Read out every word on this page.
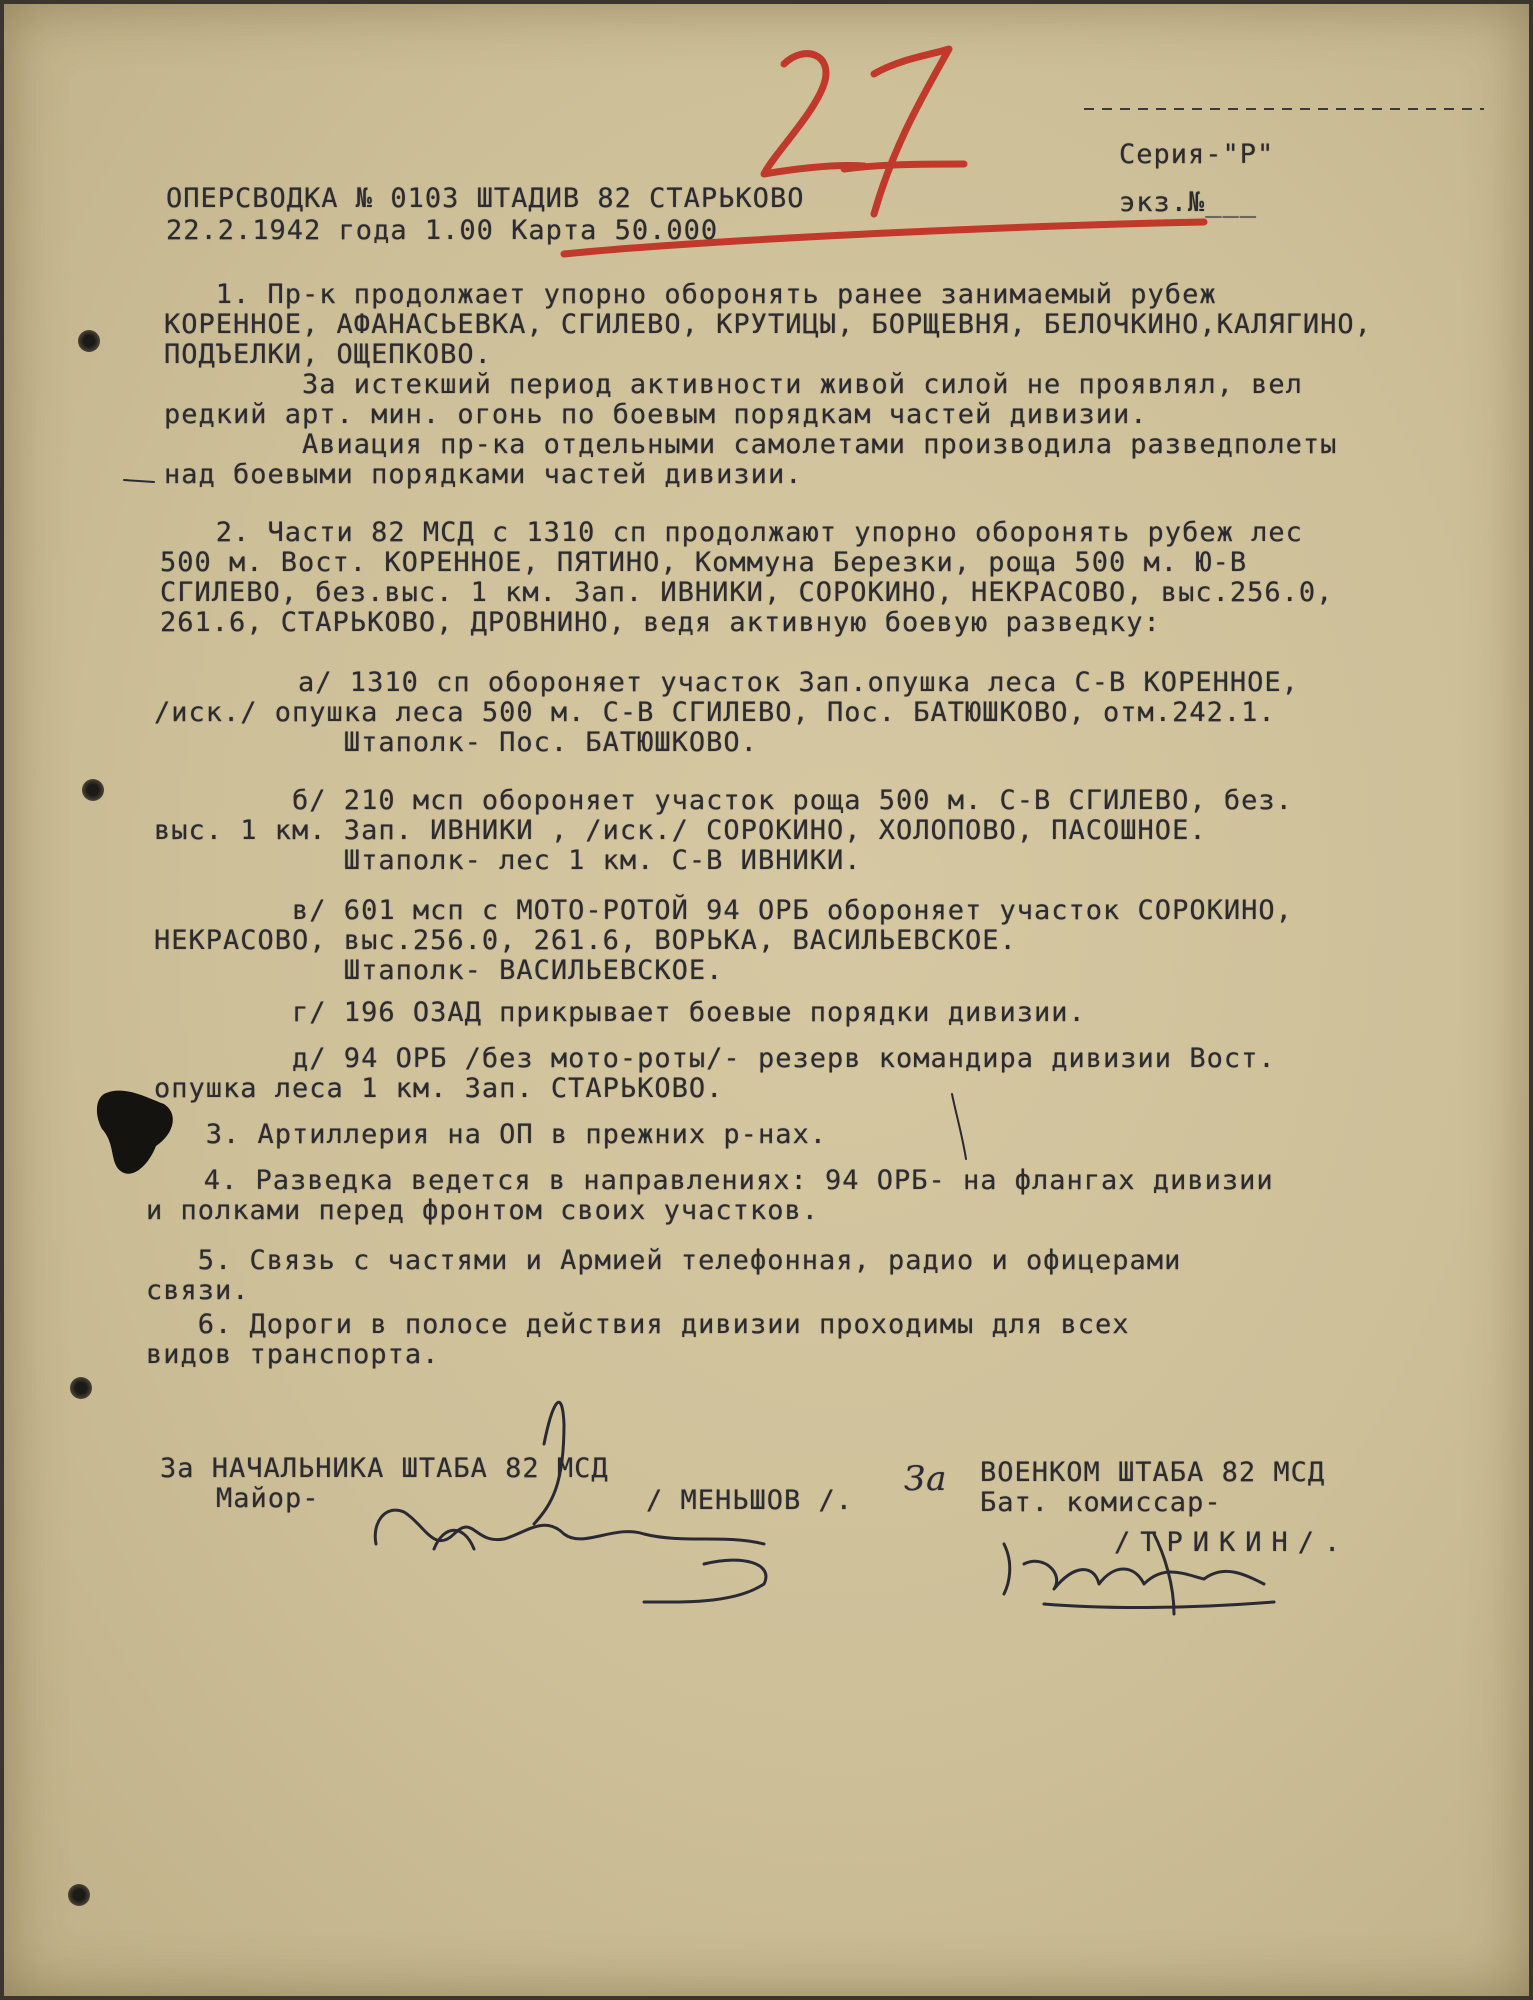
Серия-"Р"
экз.№___
ОПЕРСВОДКА № 0103 ШТАДИВ 82 СТАРЬКОВО
22.2.1942 года 1.00 Карта 50.000
1. Пр-к продолжает упорно оборонять ранее занимаемый рубеж
КОРЕННОЕ, АФАНАСЬЕВКА, СГИЛЕВО, КРУТИЦЫ, БОРЩЕВНЯ, БЕЛОЧКИНО,КАЛЯГИНО,
ПОДЪЕЛКИ, ОЩЕПКОВО.
За истекший период активности живой силой не проявлял, вел
редкий арт. мин. огонь по боевым порядкам частей дивизии.
Авиация пр-ка отдельными самолетами производила разведполеты
над боевыми порядками частей дивизии.
2. Части 82 МСД с 1310 сп продолжают упорно оборонять рубеж лес
500 м. Вост. КОРЕННОЕ, ПЯТИНО, Коммуна Березки, роща 500 м. Ю-В
СГИЛЕВО, без.выс. 1 км. Зап. ИВНИКИ, СОРОКИНО, НЕКРАСОВО, выс.256.0,
261.6, СТАРЬКОВО, ДРОВНИНО, ведя активную боевую разведку:
а/ 1310 сп обороняет участок Зап.опушка леса С-В КОРЕННОЕ,
/иск./ опушка леса 500 м. С-В СГИЛЕВО, Пос. БАТЮШКОВО, отм.242.1.
Штаполк- Пос. БАТЮШКОВО.
б/ 210 мсп обороняет участок роща 500 м. С-В СГИЛЕВО, без.
выс. 1 км. Зап. ИВНИКИ , /иск./ СОРОКИНО, ХОЛОПОВО, ПАСОШНОЕ.
Штаполк- лес 1 км. С-В ИВНИКИ.
в/ 601 мсп с МОТО-РОТОЙ 94 ОРБ обороняет участок СОРОКИНО,
НЕКРАСОВО, выс.256.0, 261.6, ВОРЬКА, ВАСИЛЬЕВСКОЕ.
Штаполк- ВАСИЛЬЕВСКОЕ.
г/ 196 ОЗАД прикрывает боевые порядки дивизии.
д/ 94 ОРБ /без мото-роты/- резерв командира дивизии Вост.
опушка леса 1 км. Зап. СТАРЬКОВО.
3. Артиллерия на ОП в прежних р-нах.
4. Разведка ведется в направлениях: 94 ОРБ- на флангах дивизии
и полками перед фронтом своих участков.
5. Связь с частями и Армией телефонная, радио и офицерами
связи.
6. Дороги в полосе действия дивизии проходимы для всех
видов транспорта.
За НАЧАЛЬНИКА ШТАБА 82 МСД
Майор-	/ МЕНЬШОВ /.
За ВОЕНКОМ ШТАБА 82 МСД
Бат. комиссар-
/ТРИКИН/.
